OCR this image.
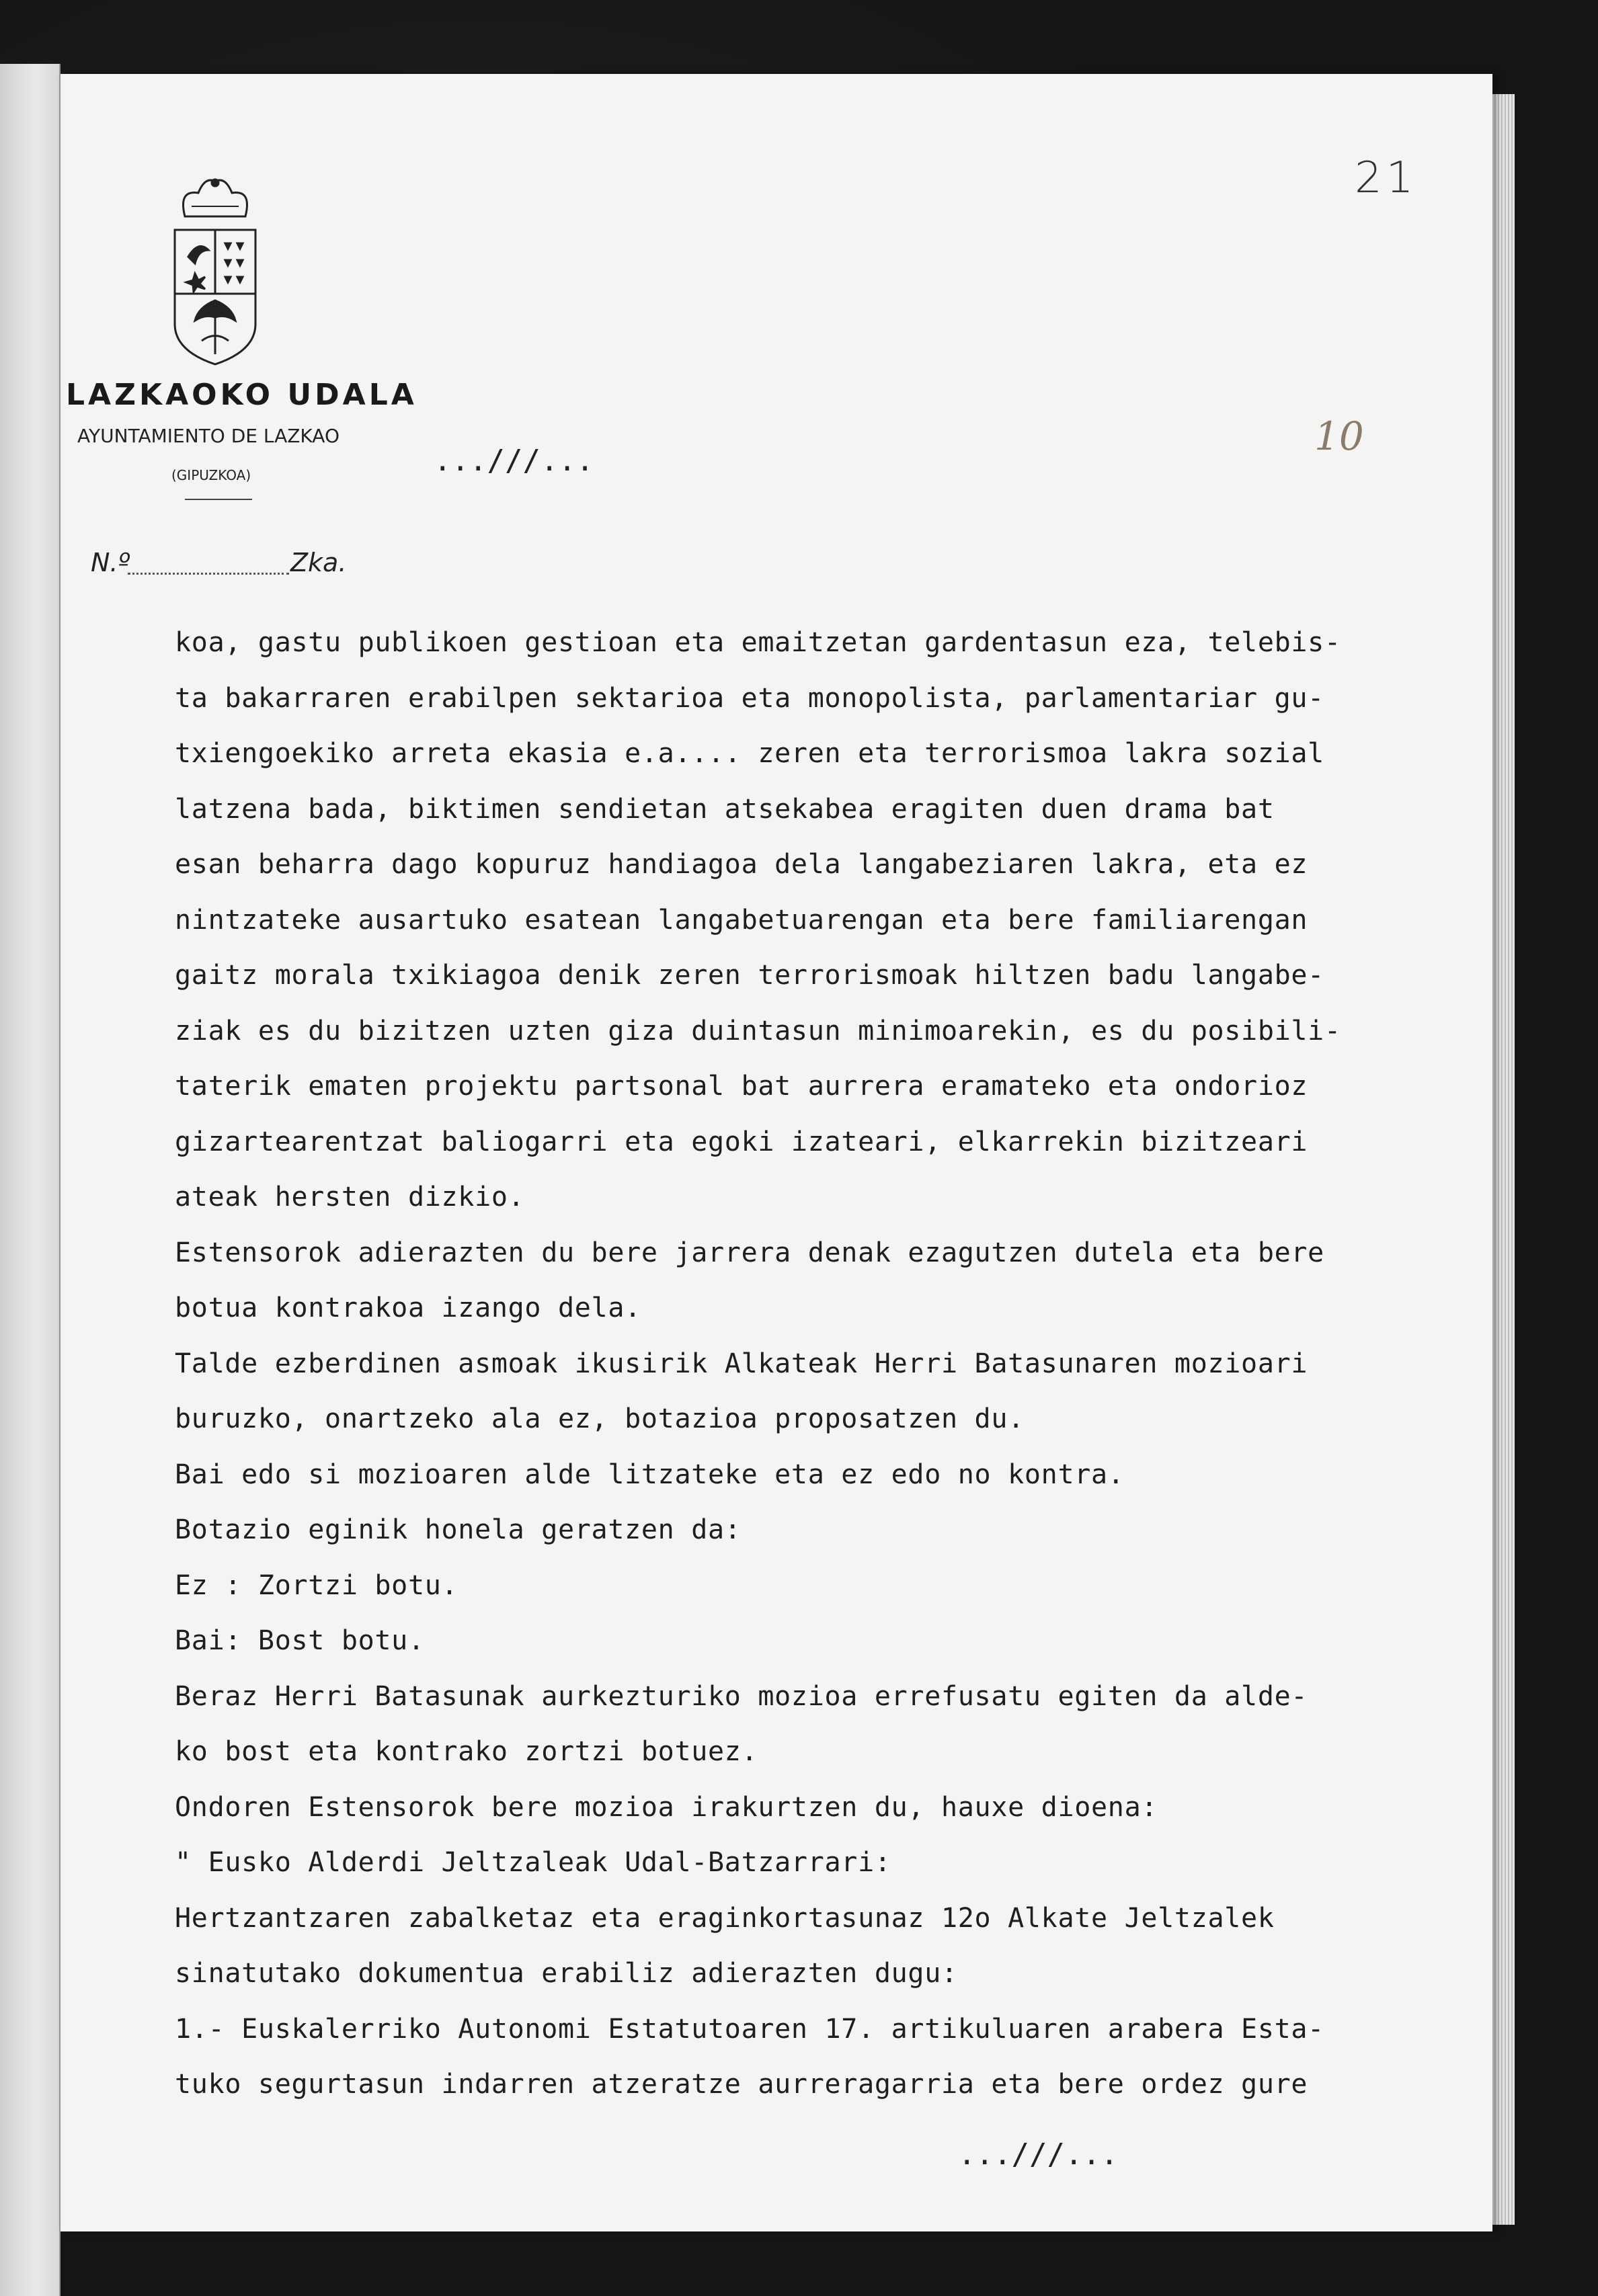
21
10
LAZKAOKO UDALA
AYUNTAMIENTO DE LAZKAO
(GIPUZKOA)	...///...
N.º	Zka.
koa, gastu publikoen gestioan eta emaitzetan gardentasun eza, telebis-
ta bakarraren erabilpen sektarioa eta monopolista, parlamentariar gu-
txiengoekiko arreta ekasia e.a.... zeren eta terrorismoa lakra sozial
latzena bada, biktimen sendietan atsekabea eragiten duen drama bat
esan beharra dago kopuruz handiagoa dela langabeziaren lakra, eta ez
nintzateke ausartuko esatean langabetuarengan eta bere familiarengan
gaitz morala txikiagoa denik zeren terrorismoak hiltzen badu langabe-
ziak es du bizitzen uzten giza duintasun minimoarekin, es du posibili-
taterik ematen projektu partsonal bat aurrera eramateko eta ondorioz
gizartearentzat baliogarri eta egoki izateari, elkarrekin bizitzeari
ateak hersten dizkio.
Estensorok adierazten du bere jarrera denak ezagutzen dutela eta bere
botua kontrakoa izango dela.
Talde ezberdinen asmoak ikusirik Alkateak Herri Batasunaren mozioari
buruzko, onartzeko ala ez, botazioa proposatzen du.
Bai edo si mozioaren alde litzateke eta ez edo no kontra.
Botazio eginik honela geratzen da:
Ez : Zortzi botu.
Bai: Bost botu.
Beraz Herri Batasunak aurkezturiko mozioa errefusatu egiten da alde-
ko bost eta kontrako zortzi botuez.
Ondoren Estensorok bere mozioa irakurtzen du, hauxe dioena:
" Eusko Alderdi Jeltzaleak Udal-Batzarrari:
Hertzantzaren zabalketaz eta eraginkortasunaz 12o Alkate Jeltzalek
sinatutako dokumentua erabiliz adierazten dugu:
1.- Euskalerriko Autonomi Estatutoaren 17. artikuluaren arabera Esta-
tuko segurtasun indarren atzeratze aurreragarria eta bere ordez gure
...///...
